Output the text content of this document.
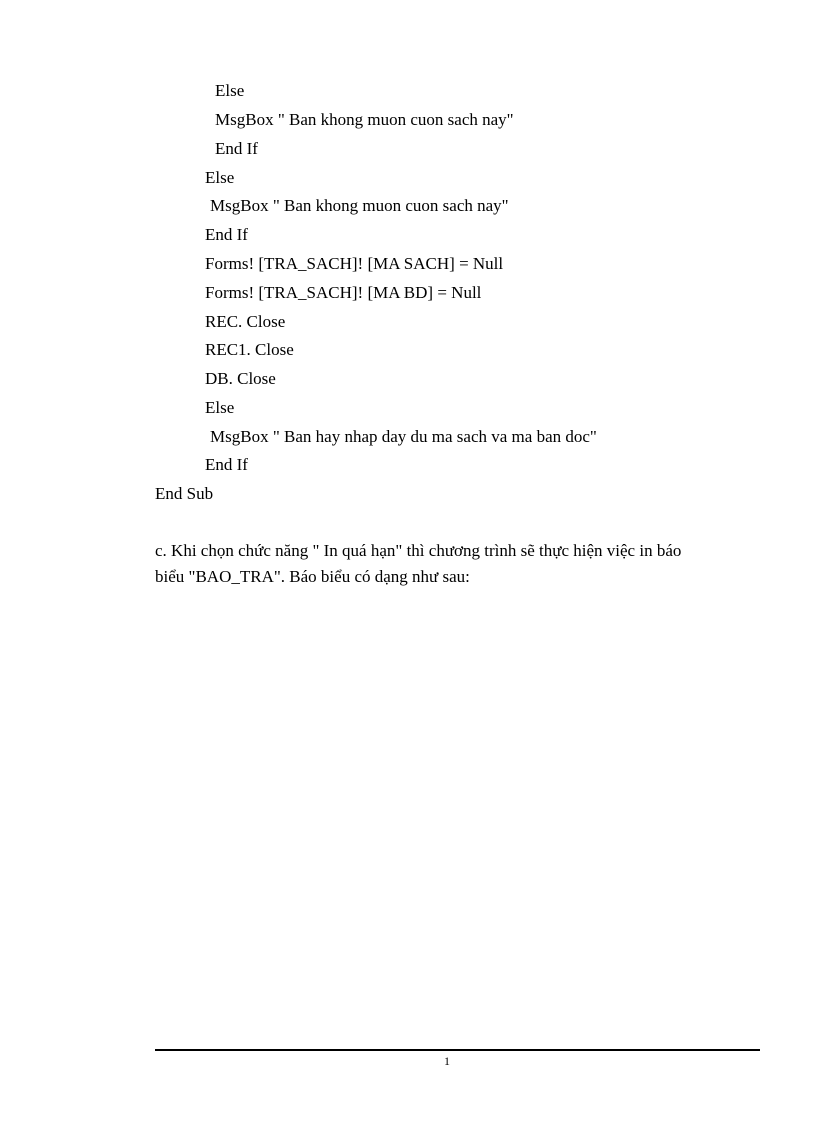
Else
MsgBox " Ban khong muon cuon sach nay"
End If
Else
MsgBox " Ban khong muon cuon sach nay"
End If
Forms! [TRA_SACH]! [MA SACH] = Null
Forms! [TRA_SACH]! [MA BD] = Null
REC. Close
REC1. Close
DB. Close
Else
MsgBox " Ban hay nhap day du ma sach va ma ban doc"
End If
End Sub
c. Khi chọn chức năng " In quá hạn" thì chương trình sẽ thực hiện việc in báo
biểu "BAO_TRA". Báo biểu có dạng như sau:
1
